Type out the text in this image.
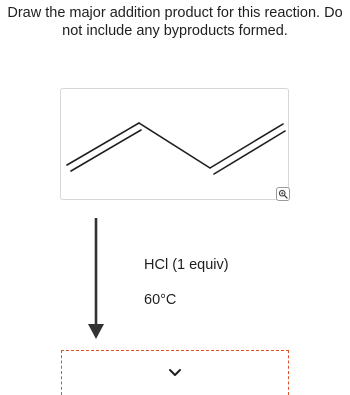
Draw the major addition product for this reaction. Do
not include any byproducts formed.
HCl (1 equiv)
60°C
